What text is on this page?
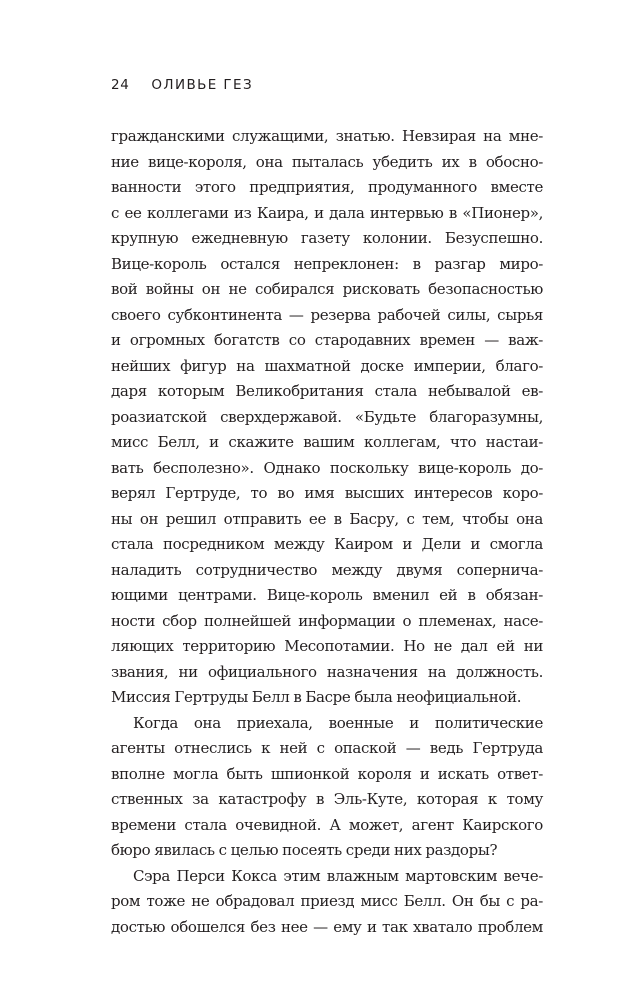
24 ОЛИВЬЕ ГЕЗ
гражданскими служащими, знатью. Невзирая на мне-
ние вице-короля, она пыталась убедить их в обосно-
ванности этого предприятия, продуманного вместе
с ее коллегами из Каира, и дала интервью в «Пионер»,
крупную ежедневную газету колонии. Безуспешно.
Вице-король остался непреклонен: в разгар миро-
вой войны он не собирался рисковать безопасностью
своего субконтинента — резерва рабочей силы, сырья
и огромных богатств со стародавних времен — важ-
нейших фигур на шахматной доске империи, благо-
даря которым Великобритания стала небывалой ев-
роазиатской сверхдержавой. «Будьте благоразумны,
мисс Белл, и скажите вашим коллегам, что настаи-
вать бесполезно». Однако поскольку вице-король до-
верял Гертруде, то во имя высших интересов коро-
ны он решил отправить ее в Басру, с тем, чтобы она
стала посредником между Каиром и Дели и смогла
наладить сотрудничество между двумя сопернича-
ющими центрами. Вице-король вменил ей в обязан-
ности сбор полнейшей информации о племенах, насе-
ляющих территорию Месопотамии. Но не дал ей ни
звания, ни официального назначения на должность.
Миссия Гертруды Белл в Басре была неофициальной.
Когда она приехала, военные и политические
агенты отнеслись к ней с опаской — ведь Гертруда
вполне могла быть шпионкой короля и искать ответ-
ственных за катастрофу в Эль-Куте, которая к тому
времени стала очевидной. А может, агент Каирского
бюро явилась с целью посеять среди них раздоры?
Сэра Перси Кокса этим влажным мартовским вече-
ром тоже не обрадовал приезд мисс Белл. Он бы с ра-
достью обошелся без нее — ему и так хватало проблем
